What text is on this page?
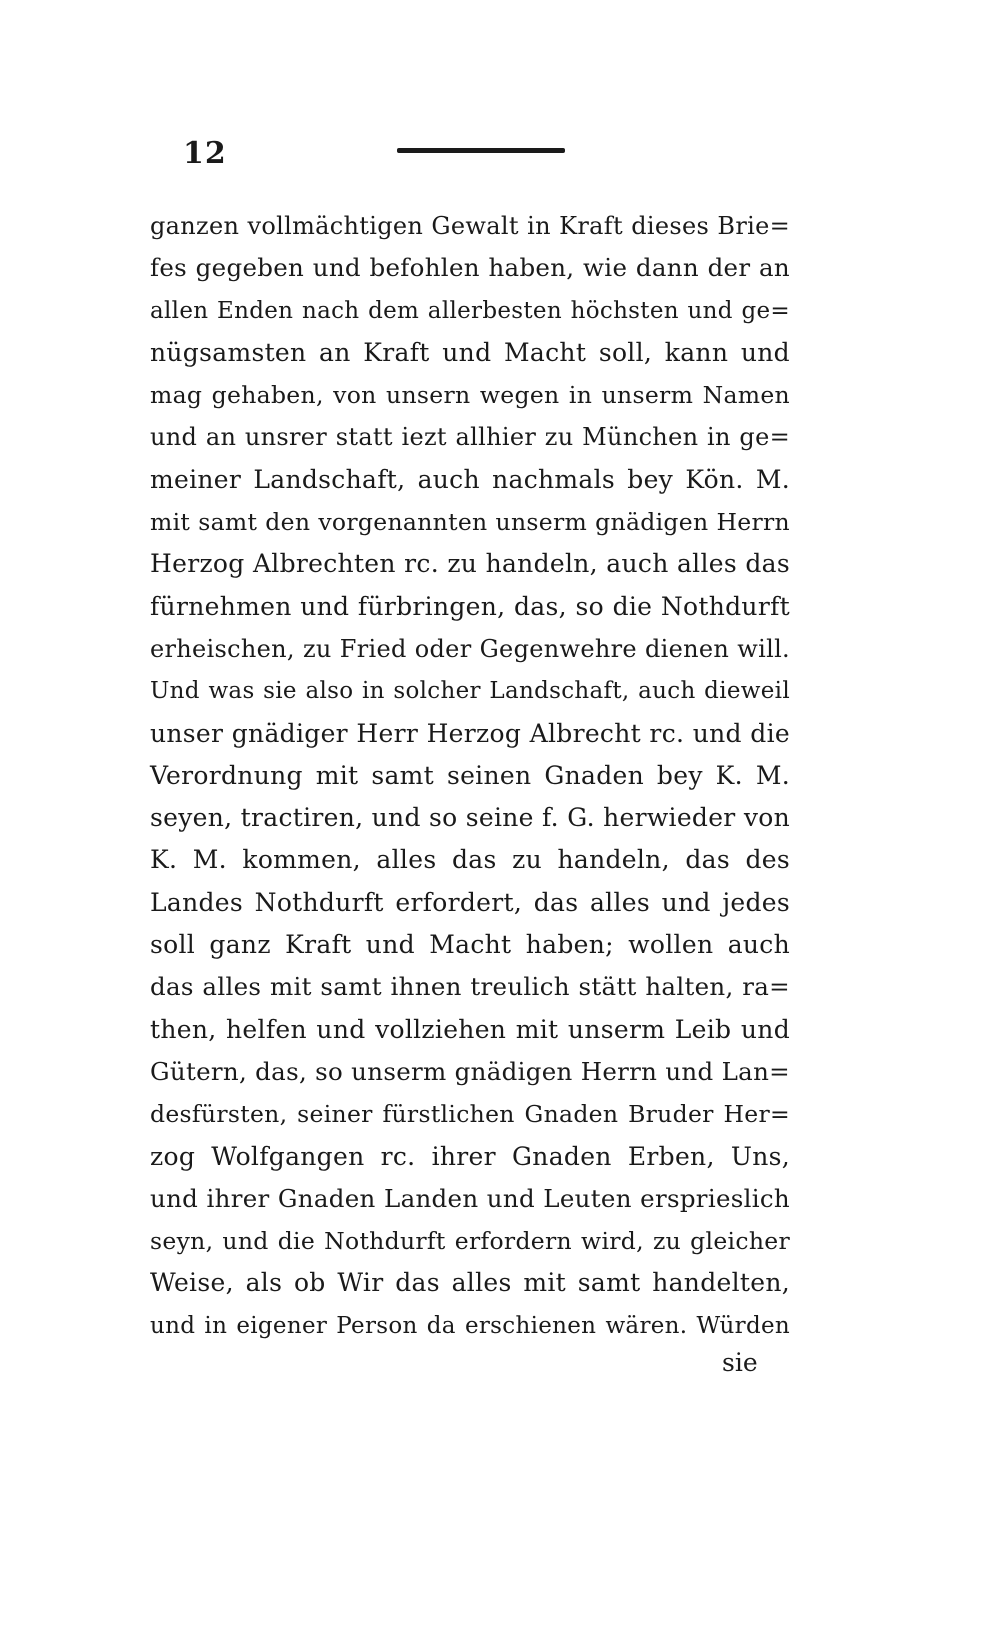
12
ganzen vollmächtigen Gewalt in Kraft dieses Brie=
fes gegeben und befohlen haben, wie dann der an
allen Enden nach dem allerbesten höchsten und ge=
nügsamsten an Kraft und Macht soll, kann und
mag gehaben, von unsern wegen in unserm Namen
und an unsrer statt iezt allhier zu München in ge=
meiner Landschaft, auch nachmals bey Kön. M.
mit samt den vorgenannten unserm gnädigen Herrn
Herzog Albrechten rc. zu handeln, auch alles das
fürnehmen und fürbringen, das, so die Nothdurft
erheischen, zu Fried oder Gegenwehre dienen will.
Und was sie also in solcher Landschaft, auch dieweil
unser gnädiger Herr Herzog Albrecht rc. und die
Verordnung mit samt seinen Gnaden bey K. M.
seyen, tractiren, und so seine f. G. herwieder von
K. M. kommen, alles das zu handeln, das des
Landes Nothdurft erfordert, das alles und jedes
soll ganz Kraft und Macht haben; wollen auch
das alles mit samt ihnen treulich stätt halten, ra=
then, helfen und vollziehen mit unserm Leib und
Gütern, das, so unserm gnädigen Herrn und Lan=
desfürsten, seiner fürstlichen Gnaden Bruder Her=
zog Wolfgangen rc. ihrer Gnaden Erben, Uns,
und ihrer Gnaden Landen und Leuten ersprieslich
seyn, und die Nothdurft erfordern wird, zu gleicher
Weise, als ob Wir das alles mit samt handelten,
und in eigener Person da erschienen wären. Würden
sie
